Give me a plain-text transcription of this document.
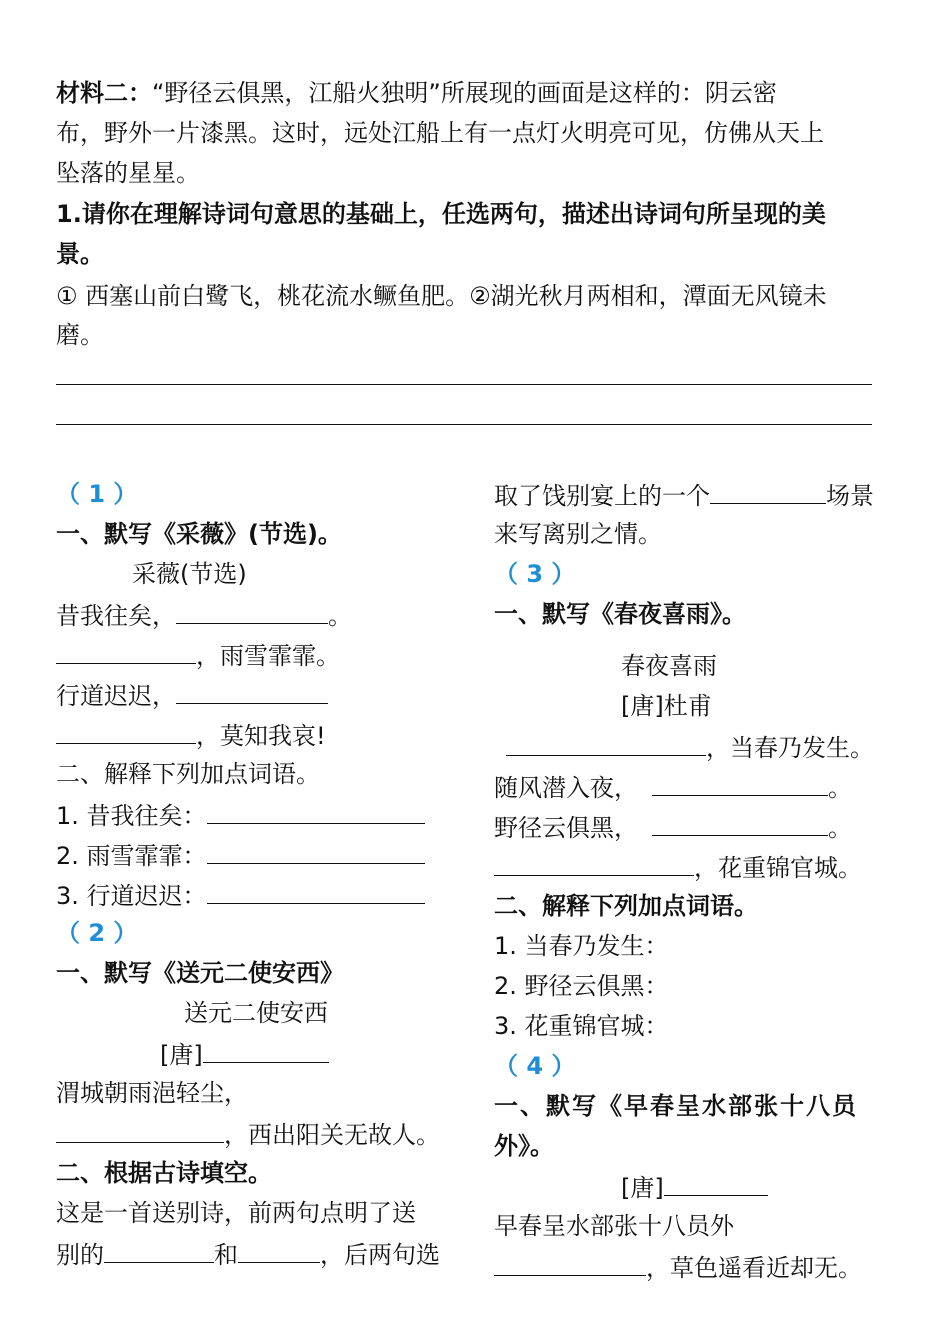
材料二：“野径云俱黑，江船火独明”所展现的画面是这样的：阴云密
布，野外一片漆黑。这时，远处江船上有一点灯火明亮可见，仿佛从天上
坠落的星星。
1.请你在理解诗词句意思的基础上，任选两句，描述出诗词句所呈现的美
景。
① 西塞山前白鹭飞，桃花流水鳜鱼肥。②湖光秋月两相和，潭面无风镜未
磨。
（ 1 ）
一、默写《采薇》(节选)。
采薇(节选)
昔我往矣，	。
，雨雪霏霏。
行道迟迟，
，莫知我哀!
二、解释下列加点词语。
1. 昔我往矣：
2. 雨雪霏霏：
3. 行道迟迟：
（ 2 ）
一、默写《送元二使安西》
送元二使安西
[唐]
渭城朝雨浥轻尘，
，西出阳关无故人。
二、根据古诗填空。
这是一首送别诗，前两句点明了送
别的	和	，后两句选
取了饯别宴上的一个	场景
来写离别之情。
（ 3 ）
一、默写《春夜喜雨》。
春夜喜雨
[唐]杜甫
，当春乃发生。
随风潜入夜，	。
野径云俱黑，	。
，花重锦官城。
二、解释下列加点词语。
1. 当春乃发生：
2. 野径云俱黑：
3. 花重锦官城：
（ 4 ）
一、默写《早春呈水部张十八员
外》。
[唐]
早春呈水部张十八员外
，草色遥看近却无。
